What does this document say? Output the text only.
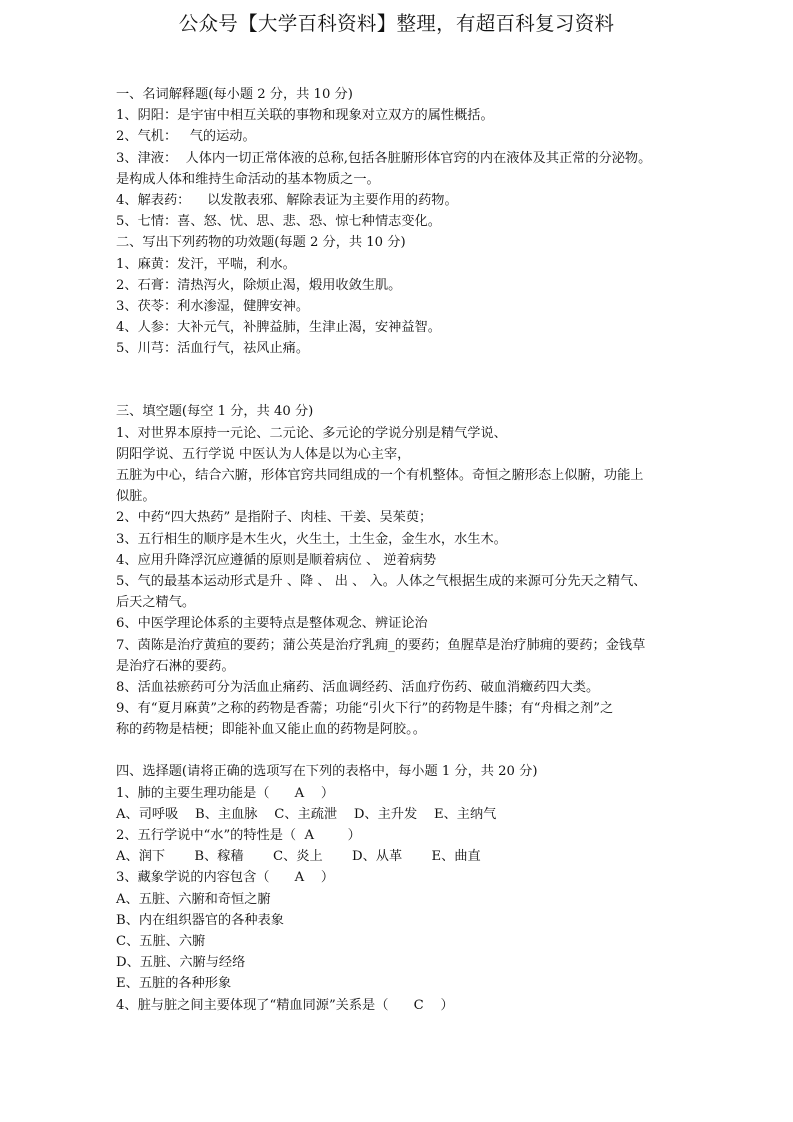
公众号【大学百科资料】整理，有超百科复习资料
一、名词解释题(每小题 2 分，共 10 分)
1、阴阳：是宇宙中相互关联的事物和现象对立双方的属性概括。
2、气机：   气的运动。
3、津液：  人体内一切正常体液的总称,包括各脏腑形体官窍的内在液体及其正常的分泌物。
是构成人体和维持生命活动的基本物质之一。
4、解表药：    以发散表邪、解除表证为主要作用的药物。
5、七情：喜、怒、忧、思、悲、恐、惊七种情志变化。
二、写出下列药物的功效题(每题 2 分，共 10 分)
1、麻黄：发汗，平喘，利水。
2、石膏：清热泻火，除烦止渴，煅用收敛生肌。
3、茯苓：利水渗湿，健脾安神。
4、人参：大补元气，补脾益肺，生津止渴，安神益智。
5、川芎：活血行气，祛风止痛。
三、填空题(每空 1 分，共 40 分)
1、对世界本原持一元论、二元论、多元论的学说分别是精气学说、
阴阳学说、五行学说 中医认为人体是以为心主宰，
五脏为中心，结合六腑，形体官窍共同组成的一个有机整体。奇恒之腑形态上似腑，功能上
似脏。
2、中药“四大热药” 是指附子、肉桂、干姜、吴茱萸；
3、五行相生的顺序是木生火，火生土，土生金，金生水，水生木。
4、应用升降浮沉应遵循的原则是顺着病位 、 逆着病势
5、气的最基本运动形式是升 、降 、 出 、 入。人体之气根据生成的来源可分先天之精气、
后天之精气。
6、中医学理论体系的主要特点是整体观念、辨证论治
7、茵陈是治疗黄疸的要药；蒲公英是治疗乳痈_的要药；鱼腥草是治疗肺痈的要药；金钱草
是治疗石淋的要药。
8、活血祛瘀药可分为活血止痛药、活血调经药、活血疗伤药、破血消癥药四大类。
9、有“夏月麻黄”之称的药物是香薷；功能“引火下行”的药物是牛膝；有“舟楫之剂”之
称的药物是桔梗；即能补血又能止血的药物是阿胶。。
四、选择题(请将正确的选项写在下列的表格中，每小题 1 分，共 20 分)
1、肺的主要生理功能是（      A    ）
A、司呼吸    B、主血脉    C、主疏泄    D、主升发    E、主纳气
2、五行学说中“水”的特性是（  A        ）
A、润下       B、稼穑       C、炎上       D、从革       E、曲直
3、藏象学说的内容包含（      A    ）
A、五脏、六腑和奇恒之腑
B、内在组织器官的各种表象
C、五脏、六腑
D、五脏、六腑与经络
E、五脏的各种形象
4、脏与脏之间主要体现了“精血同源”关系是（      C    ）
